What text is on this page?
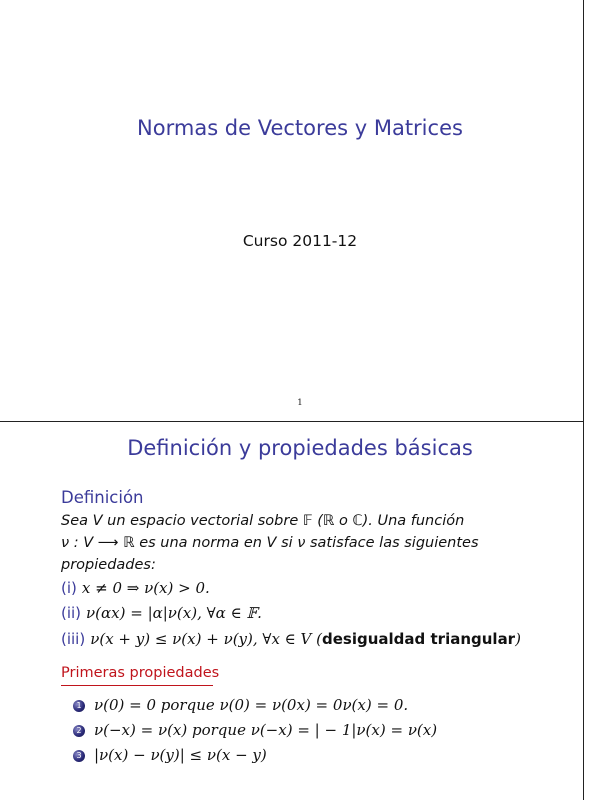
Normas de Vectores y Matrices
Curso 2011-12
1
Definición y propiedades básicas
Definición
Sea V un espacio vectorial sobre 𝔽 (ℝ o ℂ). Una función
ν : V ⟶ ℝ es una norma en V si ν satisface las siguientes
propiedades:
(i) x ≠ 0 ⇒ ν(x) > 0.
(ii) ν(αx) = |α|ν(x), ∀α ∈ 𝔽.
(iii) ν(x + y) ≤ ν(x) + ν(y), ∀x ∈ V (desigualdad triangular)
Primeras propiedades
1 ν(0) = 0 porque ν(0) = ν(0x) = 0ν(x) = 0.
2 ν(−x) = ν(x) porque ν(−x) = | − 1|ν(x) = ν(x)
3 |ν(x) − ν(y)| ≤ ν(x − y)
